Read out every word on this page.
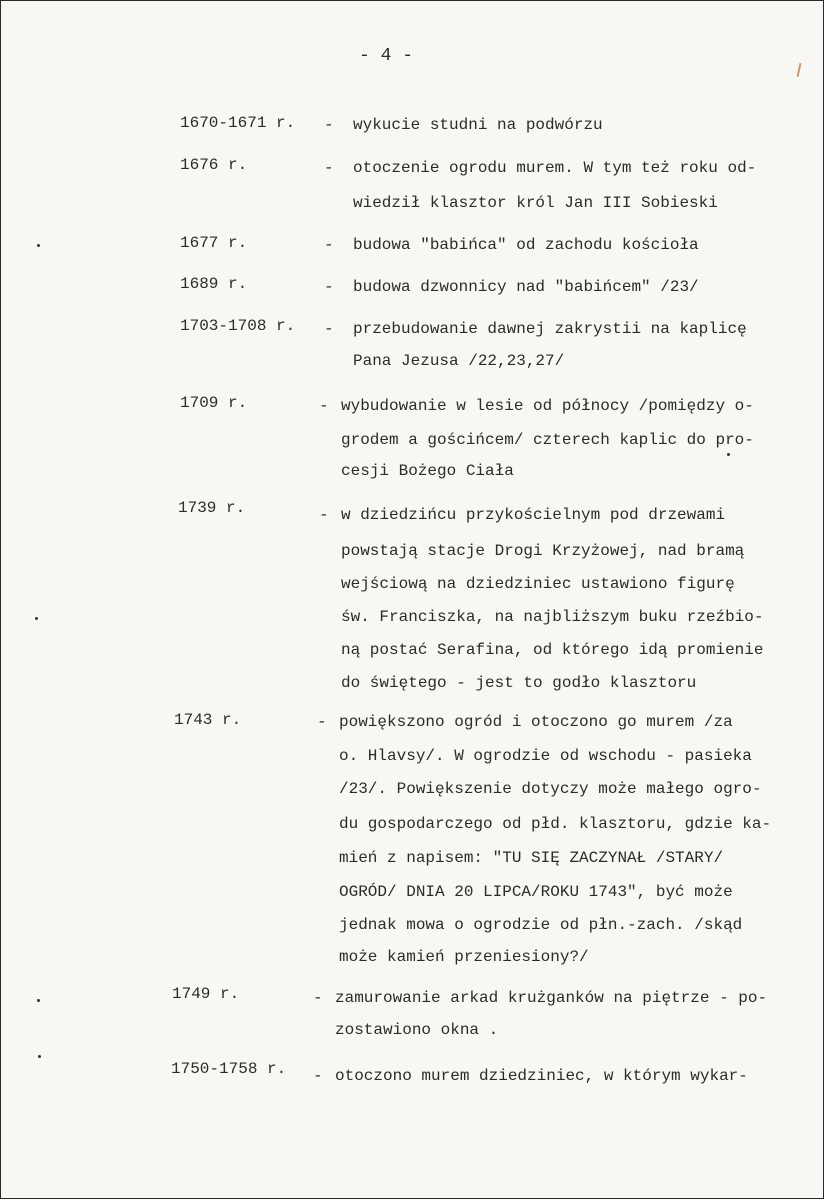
- 4 -
1670-1671 r. - wykucie studni na podwórzu
1676 r.	- otoczenie ogrodu murem. W tym też roku od-
wiedził klasztor król Jan III Sobieski
1677 r.	- budowa "babińca" od zachodu kościoła
1689 r.	- budowa dzwonnicy nad "babińcem" /23/
1703-1708 r. - przebudowanie dawnej zakrystii na kaplicę
Pana Jezusa /22,23,27/
1709 r.	- wybudowanie w lesie od północy /pomiędzy o-
grodem a gościńcem/ czterech kaplic do pro-
cesji Bożego Ciała
1739 r.	- w dziedzińcu przykościelnym pod drzewami
powstają stacje Drogi Krzyżowej, nad bramą
wejściową na dziedziniec ustawiono figurę
św. Franciszka, na najbliższym buku rzeźbio-
ną postać Serafina, od którego idą promienie
do świętego - jest to godło klasztoru
1743 r.	- powiększono ogród i otoczono go murem /za
o. Hlavsy/. W ogrodzie od wschodu - pasieka
/23/. Powiększenie dotyczy może małego ogro-
du gospodarczego od płd. klasztoru, gdzie ka-
mień z napisem: "TU SIĘ ZACZYNAŁ /STARY/
OGRÓD/ DNIA 20 LIPCA/ROKU 1743", być może
jednak mowa o ogrodzie od płn.-zach. /skąd
może kamień przeniesiony?/
1749 r.	- zamurowanie arkad krużganków na piętrze - po-
zostawiono okna .
1750-1758 r. - otoczono murem dziedziniec, w którym wykar-
